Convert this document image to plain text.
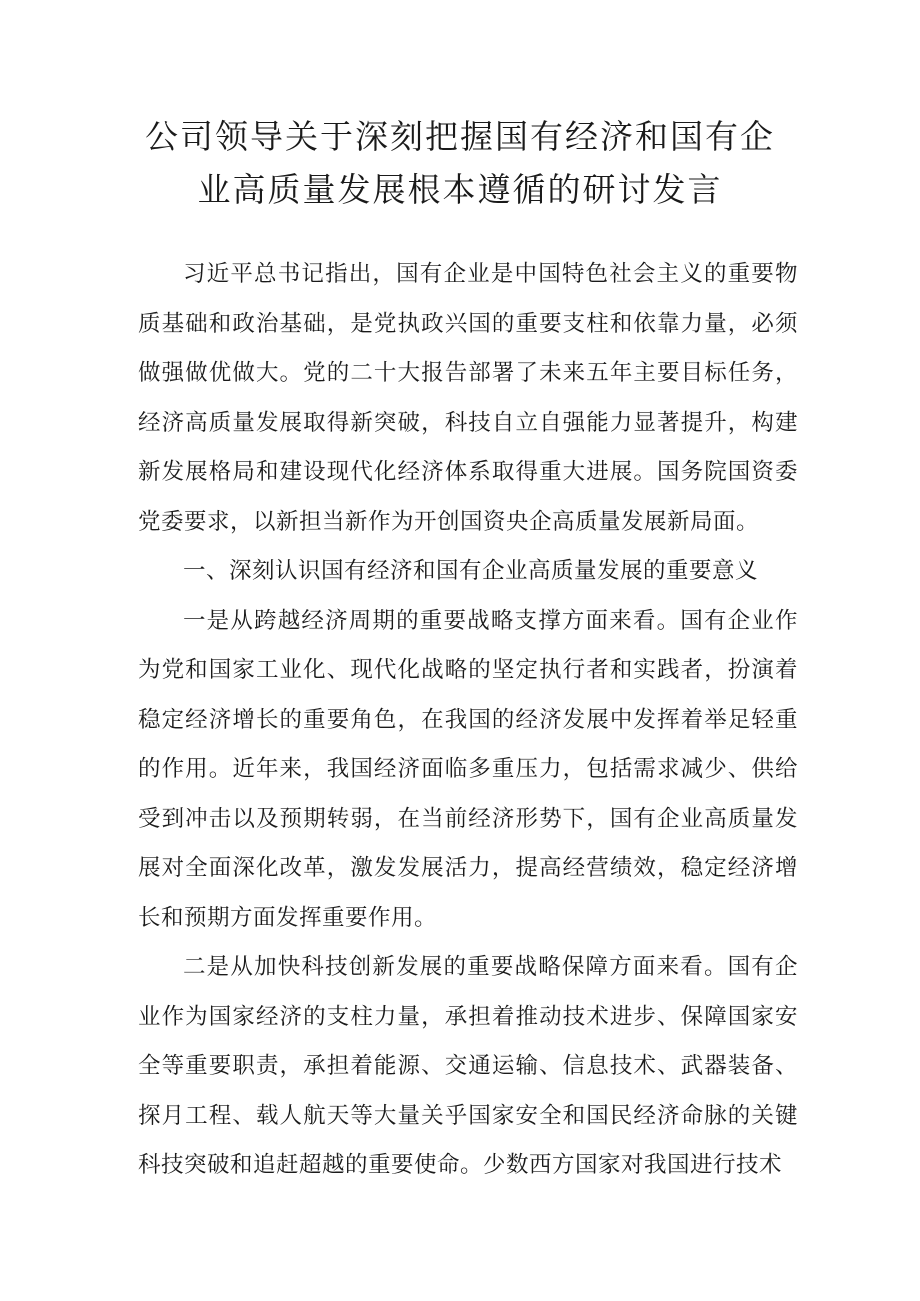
公司领导关于深刻把握国有经济和国有企
业高质量发展根本遵循的研讨发言

习近平总书记指出，国有企业是中国特色社会主义的重要物质基础和政治基础，是党执政兴国的重要支柱和依靠力量，必须做强做优做大。党的二十大报告部署了未来五年主要目标任务，经济高质量发展取得新突破，科技自立自强能力显著提升，构建新发展格局和建设现代化经济体系取得重大进展。国务院国资委党委要求，以新担当新作为开创国资央企高质量发展新局面。

一、深刻认识国有经济和国有企业高质量发展的重要意义

一是从跨越经济周期的重要战略支撑方面来看。国有企业作为党和国家工业化、现代化战略的坚定执行者和实践者，扮演着稳定经济增长的重要角色，在我国的经济发展中发挥着举足轻重的作用。近年来，我国经济面临多重压力，包括需求减少、供给受到冲击以及预期转弱，在当前经济形势下，国有企业高质量发展对全面深化改革，激发发展活力，提高经营绩效，稳定经济增长和预期方面发挥重要作用。

二是从加快科技创新发展的重要战略保障方面来看。国有企业作为国家经济的支柱力量，承担着推动技术进步、保障国家安全等重要职责，承担着能源、交通运输、信息技术、武器装备、探月工程、载人航天等大量关乎国家安全和国民经济命脉的关键科技突破和追赶超越的重要使命。少数西方国家对我国进行技术
